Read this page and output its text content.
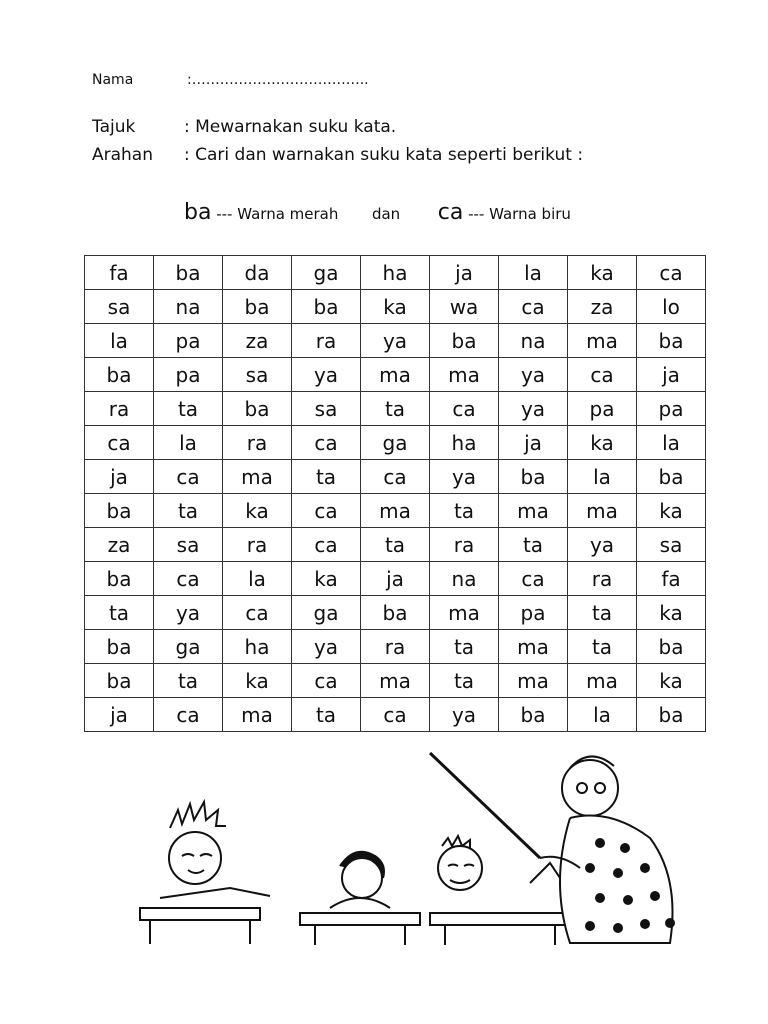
Nama	:………………………………..
Tajuk	: Mewarnakan suku kata.
Arahan : Cari dan warnakan suku kata seperti berikut :
ba --- Warna merah dan ca --- Warna biru
fa	ba	da	ga	ha	ja	la	ka	ca
sa	na	ba	ba	ka	wa	ca	za	lo
la	pa	za	ra	ya	ba	na	ma	ba
ba	pa	sa	ya	ma	ma	ya	ca	ja
ra	ta	ba	sa	ta	ca	ya	pa	pa
ca	la	ra	ca	ga	ha	ja	ka	la
ja	ca	ma	ta	ca	ya	ba	la	ba
ba	ta	ka	ca	ma	ta	ma	ma	ka
za	sa	ra	ca	ta	ra	ta	ya	sa
ba	ca	la	ka	ja	na	ca	ra	fa
ta	ya	ca	ga	ba	ma	pa	ta	ka
ba	ga	ha	ya	ra	ta	ma	ta	ba
ba	ta	ka	ca	ma	ta	ma	ma	ka
ja	ca	ma	ta	ca	ya	ba	la	ba
